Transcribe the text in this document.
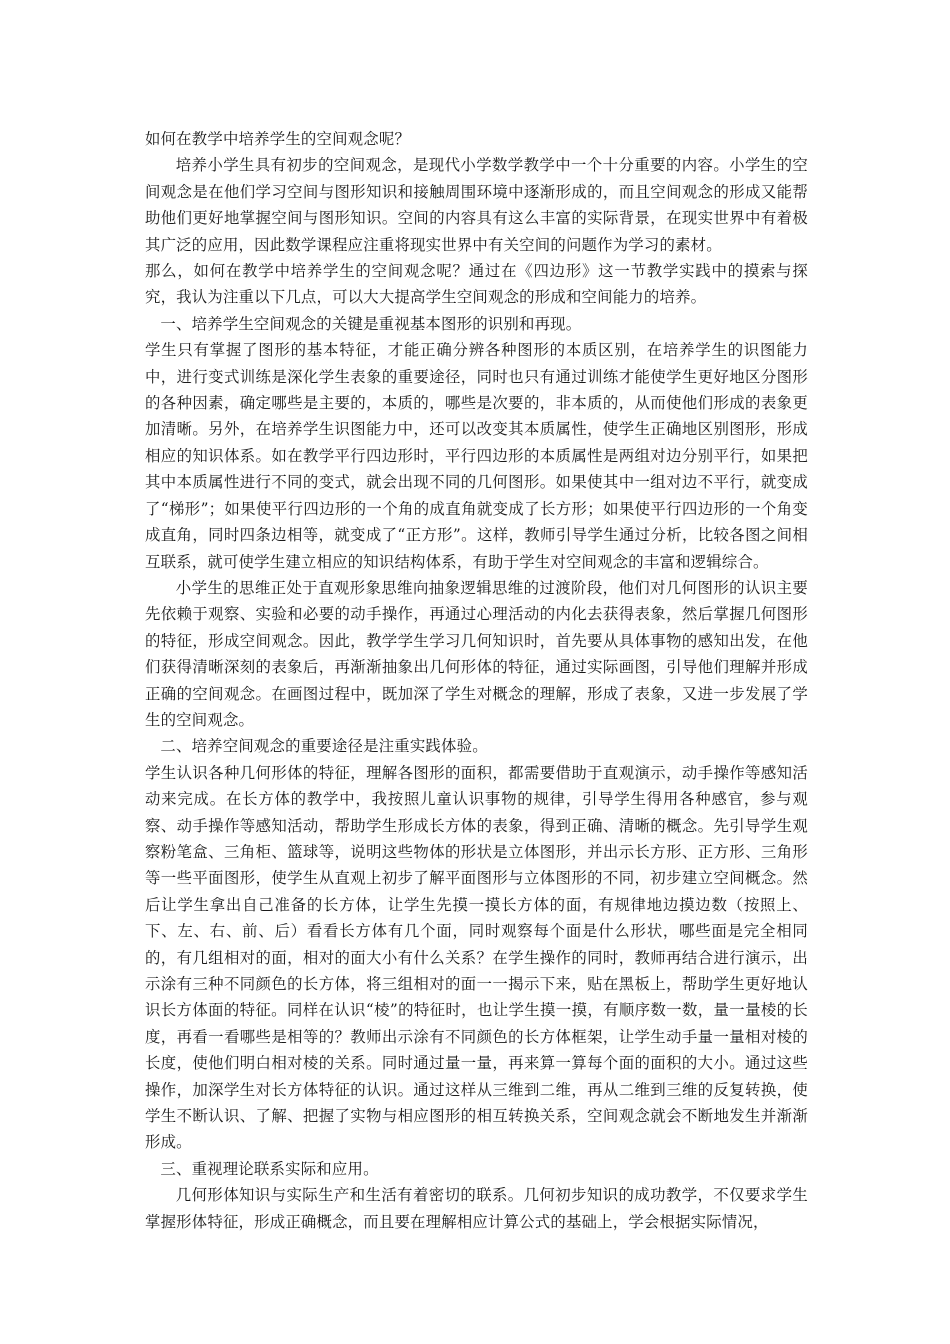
如何在教学中培养学生的空间观念呢？

培养小学生具有初步的空间观念，是现代小学数学教学中一个十分重要的内容。小学生的空间观念是在他们学习空间与图形知识和接触周围环境中逐渐形成的，而且空间观念的形成又能帮助他们更好地掌握空间与图形知识。空间的内容具有这么丰富的实际背景，在现实世界中有着极其广泛的应用，因此数学课程应注重将现实世界中有关空间的问题作为学习的素材。

那么，如何在教学中培养学生的空间观念呢？通过在《四边形》这一节教学实践中的摸索与探究，我认为注重以下几点，可以大大提高学生空间观念的形成和空间能力的培养。

一、培养学生空间观念的关键是重视基本图形的识别和再现。

学生只有掌握了图形的基本特征，才能正确分辨各种图形的本质区别，在培养学生的识图能力中，进行变式训练是深化学生表象的重要途径，同时也只有通过训练才能使学生更好地区分图形的各种因素，确定哪些是主要的，本质的，哪些是次要的，非本质的，从而使他们形成的表象更加清晰。另外，在培养学生识图能力中，还可以改变其本质属性，使学生正确地区别图形，形成相应的知识体系。如在教学平行四边形时，平行四边形的本质属性是两组对边分别平行，如果把其中本质属性进行不同的变式，就会出现不同的几何图形。如果使其中一组对边不平行，就变成了“梯形”；如果使平行四边形的一个角的成直角就变成了长方形；如果使平行四边形的一个角变成直角，同时四条边相等，就变成了“正方形”。这样，教师引导学生通过分析，比较各图之间相互联系，就可使学生建立相应的知识结构体系，有助于学生对空间观念的丰富和逻辑综合。

小学生的思维正处于直观形象思维向抽象逻辑思维的过渡阶段，他们对几何图形的认识主要先依赖于观察、实验和必要的动手操作，再通过心理活动的内化去获得表象，然后掌握几何图形的特征，形成空间观念。因此，教学学生学习几何知识时，首先要从具体事物的感知出发，在他们获得清晰深刻的表象后，再渐渐抽象出几何形体的特征，通过实际画图，引导他们理解并形成正确的空间观念。在画图过程中，既加深了学生对概念的理解，形成了表象，又进一步发展了学生的空间观念。

二、培养空间观念的重要途径是注重实践体验。

学生认识各种几何形体的特征，理解各图形的面积，都需要借助于直观演示，动手操作等感知活动来完成。在长方体的教学中，我按照儿童认识事物的规律，引导学生得用各种感官，参与观察、动手操作等感知活动，帮助学生形成长方体的表象，得到正确、清晰的概念。先引导学生观察粉笔盒、三角柜、篮球等，说明这些物体的形状是立体图形，并出示长方形、正方形、三角形等一些平面图形，使学生从直观上初步了解平面图形与立体图形的不同，初步建立空间概念。然后让学生拿出自己准备的长方体，让学生先摸一摸长方体的面，有规律地边摸边数（按照上、下、左、右、前、后）看看长方体有几个面，同时观察每个面是什么形状，哪些面是完全相同的，有几组相对的面，相对的面大小有什么关系？在学生操作的同时，教师再结合进行演示，出示涂有三种不同颜色的长方体，将三组相对的面一一揭示下来，贴在黑板上，帮助学生更好地认识长方体面的特征。同样在认识“棱”的特征时，也让学生摸一摸，有顺序数一数，量一量棱的长度，再看一看哪些是相等的？教师出示涂有不同颜色的长方体框架，让学生动手量一量相对棱的长度，使他们明白相对棱的关系。同时通过量一量，再来算一算每个面的面积的大小。通过这些操作，加深学生对长方体特征的认识。通过这样从三维到二维，再从二维到三维的反复转换，使学生不断认识、了解、把握了实物与相应图形的相互转换关系，空间观念就会不断地发生并渐渐形成。

三、重视理论联系实际和应用。

几何形体知识与实际生产和生活有着密切的联系。几何初步知识的成功教学，不仅要求学生掌握形体特征，形成正确概念，而且要在理解相应计算公式的基础上，学会根据实际情况，
